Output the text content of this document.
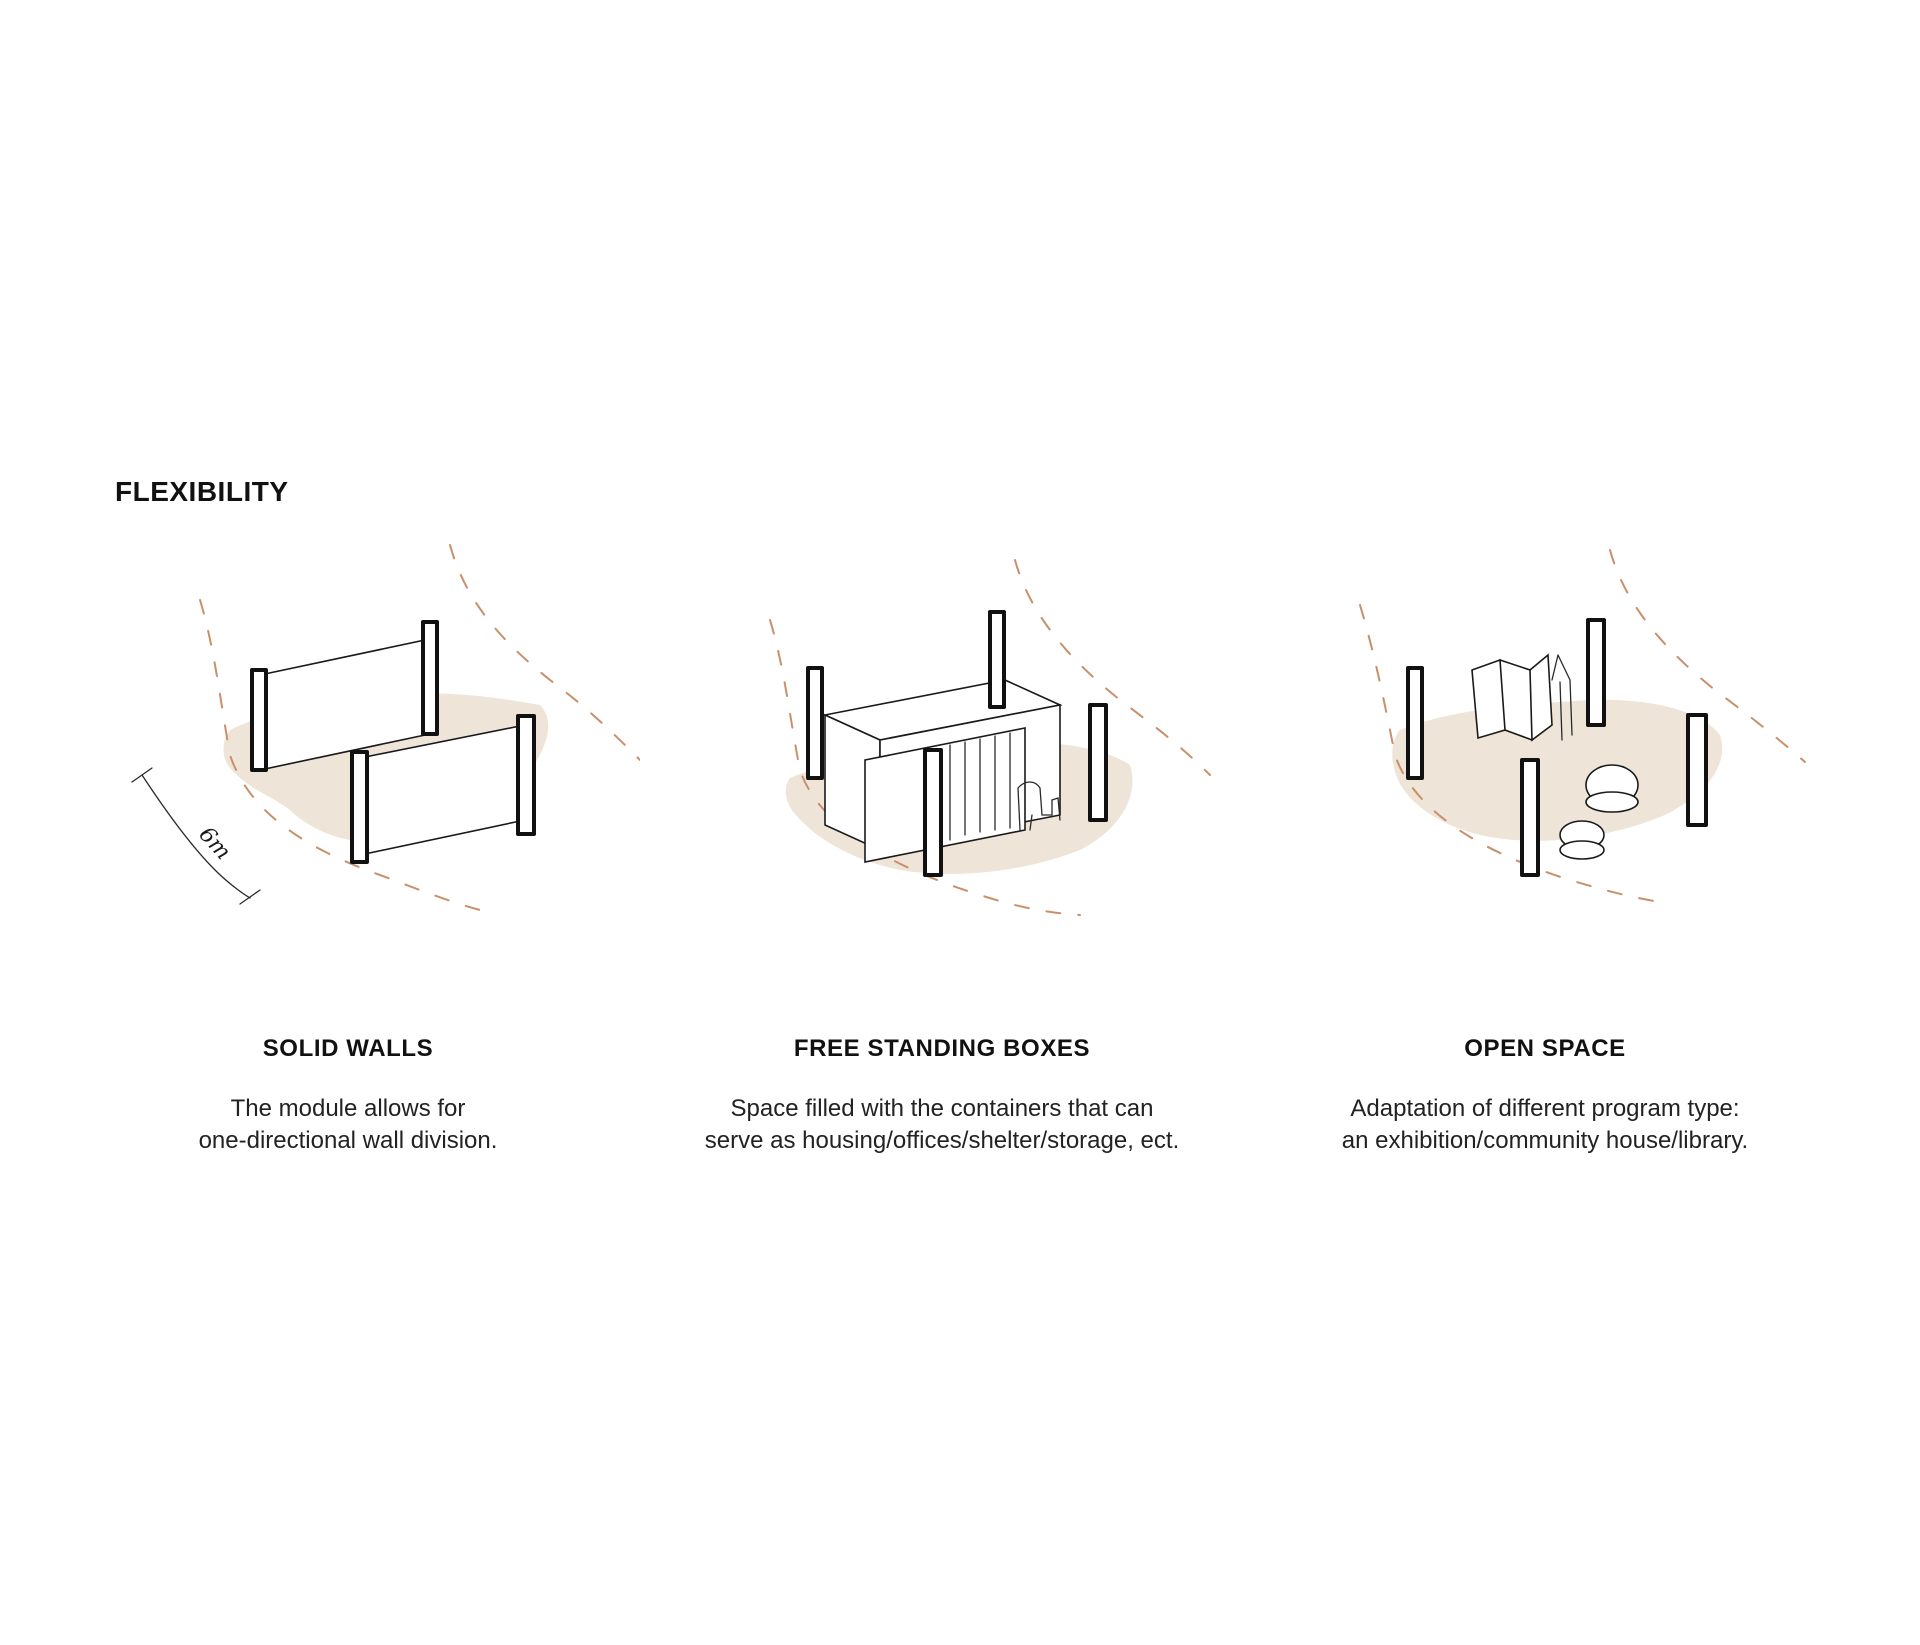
FLEXIBILITY
6m
SOLID WALLS

The module allows for

one-directional wall division.

FREE STANDING BOXES

Space filled with the containers that can

serve as housing/offices/shelter/storage, ect.

OPEN SPACE

Adaptation of different program type:

an exhibition/community house/library.
